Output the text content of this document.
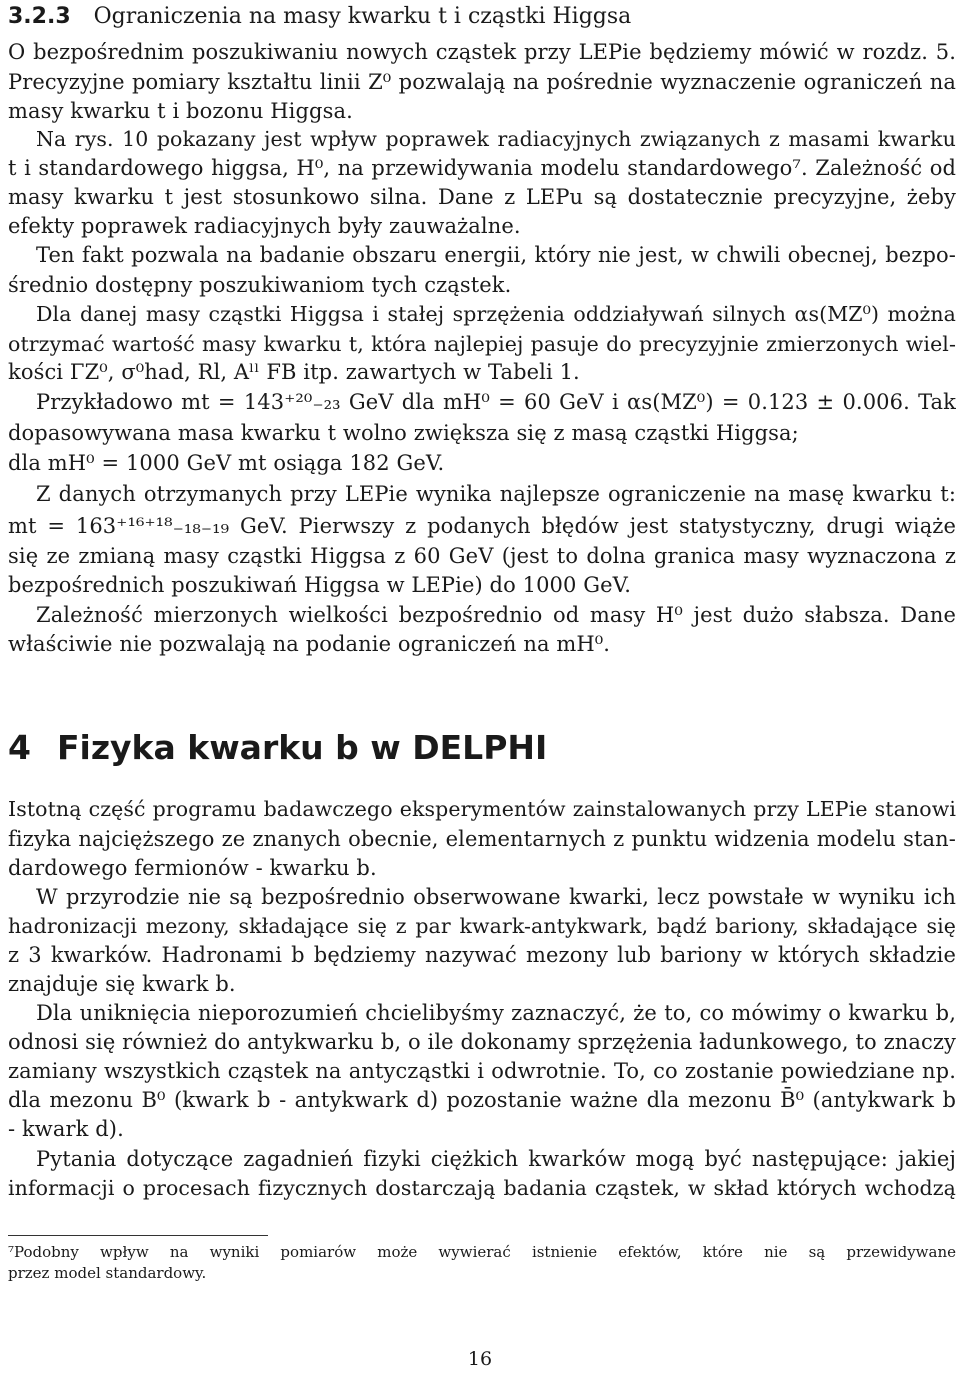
3.2.3 Ograniczenia na masy kwarku t i cząstki Higgsa
O bezpośrednim poszukiwaniu nowych cząstek przy LEPie będziemy mówić w rozdz. 5.
Precyzyjne pomiary kształtu linii Z⁰ pozwalają na pośrednie wyznaczenie ograniczeń na
masy kwarku t i bozonu Higgsa.
Na rys. 10 pokazany jest wpływ poprawek radiacyjnych związanych z masami kwarku
t i standardowego higgsa, H⁰, na przewidywania modelu standardowego⁷. Zależność od
masy kwarku t jest stosunkowo silna. Dane z LEPu są dostatecznie precyzyjne, żeby
efekty poprawek radiacyjnych były zauważalne.
Ten fakt pozwala na badanie obszaru energii, który nie jest, w chwili obecnej, bezpo-
średnio dostępny poszukiwaniom tych cząstek.
Dla danej masy cząstki Higgsa i stałej sprzężenia oddziaływań silnych αs(MZ⁰) można
otrzymać wartość masy kwarku t, która najlepiej pasuje do precyzyjnie zmierzonych wiel-
kości ΓZ⁰, σ⁰had, Rl, Aˡˡ FB itp. zawartych w Tabeli 1.
Przykładowo mt = 143⁺²⁰₋₂₃ GeV dla mH⁰ = 60 GeV i αs(MZ⁰) = 0.123 ± 0.006. Tak
dopasowywana masa kwarku t wolno zwiększa się z masą cząstki Higgsa;
dla mH⁰ = 1000 GeV mt osiąga 182 GeV.
Z danych otrzymanych przy LEPie wynika najlepsze ograniczenie na masę kwarku t:
mt = 163⁺¹⁶⁺¹⁸₋₁₈₋₁₉ GeV. Pierwszy z podanych błędów jest statystyczny, drugi wiąże
się ze zmianą masy cząstki Higgsa z 60 GeV (jest to dolna granica masy wyznaczona z
bezpośrednich poszukiwań Higgsa w LEPie) do 1000 GeV.
Zależność mierzonych wielkości bezpośrednio od masy H⁰ jest dużo słabsza. Dane
właściwie nie pozwalają na podanie ograniczeń na mH⁰.
4 Fizyka kwarku b w DELPHI
Istotną część programu badawczego eksperymentów zainstalowanych przy LEPie stanowi
fizyka najcięższego ze znanych obecnie, elementarnych z punktu widzenia modelu stan-
dardowego fermionów - kwarku b.
W przyrodzie nie są bezpośrednio obserwowane kwarki, lecz powstałe w wyniku ich
hadronizacji mezony, składające się z par kwark-antykwark, bądź bariony, składające się
z 3 kwarków. Hadronami b będziemy nazywać mezony lub bariony w których składzie
znajduje się kwark b.
Dla uniknięcia nieporozumień chcielibyśmy zaznaczyć, że to, co mówimy o kwarku b,
odnosi się również do antykwarku b, o ile dokonamy sprzężenia ładunkowego, to znaczy
zamiany wszystkich cząstek na antycząstki i odwrotnie. To, co zostanie powiedziane np.
dla mezonu B⁰ (kwark b - antykwark d) pozostanie ważne dla mezonu B̄⁰ (antykwark b
- kwark d).
Pytania dotyczące zagadnień fizyki ciężkich kwarków mogą być następujące: jakiej
informacji o procesach fizycznych dostarczają badania cząstek, w skład których wchodzą
⁷Podobny wpływ na wyniki pomiarów może wywierać istnienie efektów, które nie są przewidywane
przez model standardowy.
16
